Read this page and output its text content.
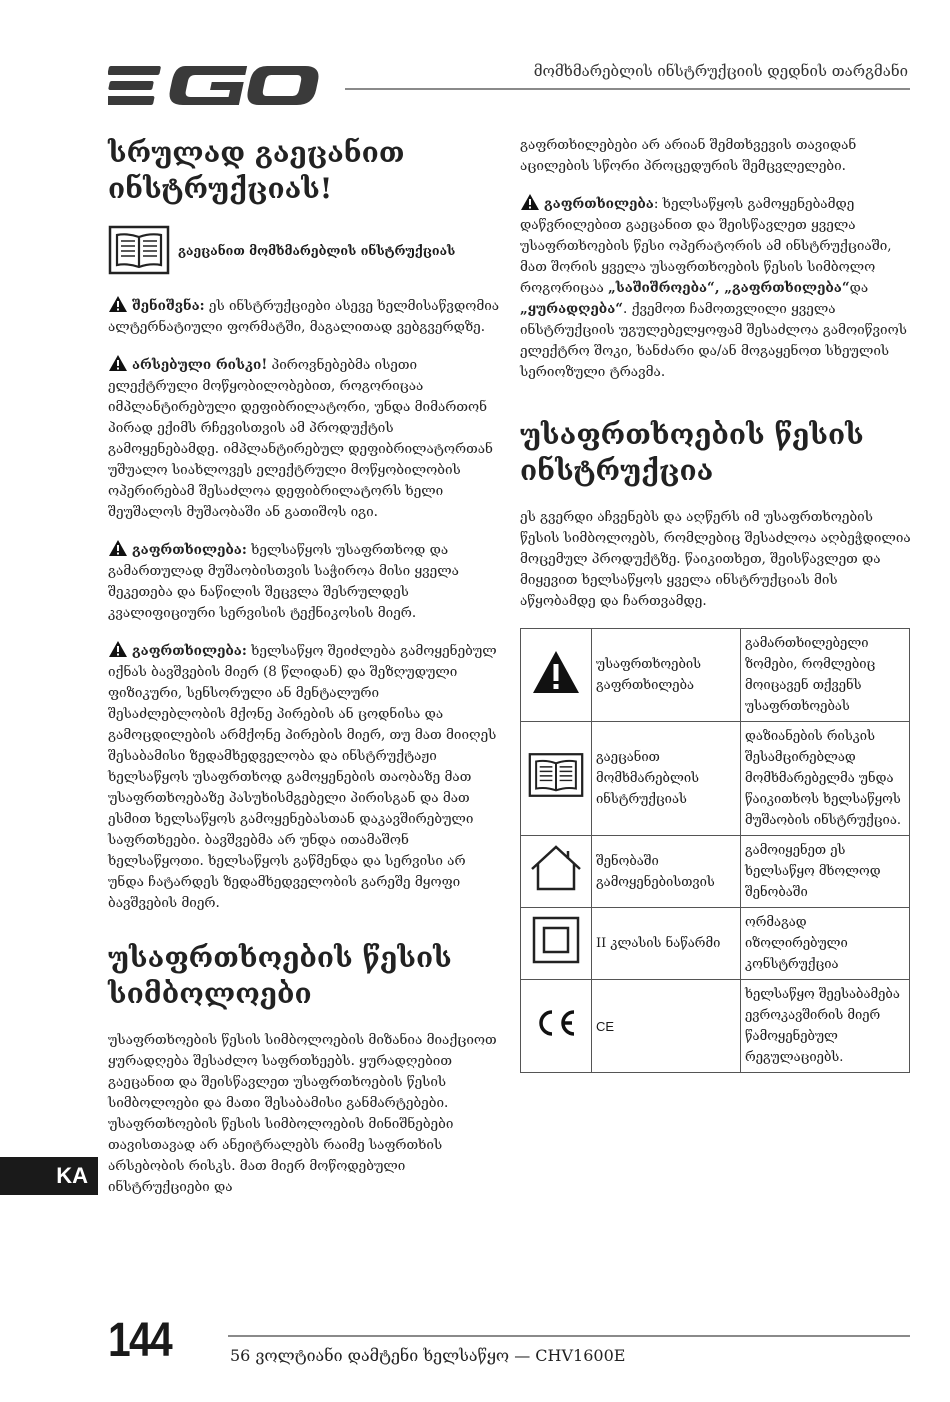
მომხმარებლის ინსტრუქციის დედნის თარგმანი
სრულად გაეცანით ინსტრუქციას!
გაეცანით მომხმარებლის ინსტრუქციას

შენიშვნა: ეს ინსტრუქციები ასევე ხელმისაწვდომია ალტერნატიული ფორმატში, მაგალითად ვებგვერდზე.

არსებული რისკი! პიროვნებებმა ისეთი ელექტრული მოწყობილობებით, როგორიცაა იმპლანტირებული დეფიბრილატორი, უნდა მიმართონ პირად ექიმს რჩევისთვის ამ პროდუქტის გამოყენებამდე. იმპლანტირებულ დეფიბრილატორთან უშუალო სიახლოვეს ელექტრული მოწყობილობის ოპერირებამ შესაძლოა დეფიბრილატორს ხელი შეუშალოს მუშაობაში ან გათიშოს იგი.

გაფრთხილება: ხელსაწყოს უსაფრთხოდ და გამართულად მუშაობისთვის საჭიროა მისი ყველა შეკეთება და ნაწილის შეცვლა შესრულდეს კვალიფიციური სერვისის ტექნიკოსის მიერ.

გაფრთხილება: ხელსაწყო შეიძლება გამოყენებულ იქნას ბავშვების მიერ (8 წლიდან) და შეზღუდული ფიზიკური, სენსორული ან მენტალური შესაძლებლობის მქონე პირების ან ცოდნისა და გამოცდილების არმქონე პირების მიერ, თუ მათ მიიღეს შესაბამისი ზედამხედველობა და ინსტრუქტაჟი ხელსაწყოს უსაფრთხოდ გამოყენების თაობაზე მათ უსაფრთხოებაზე პასუხისმგებელი პირისგან და მათ ესმით ხელსაწყოს გამოყენებასთან დაკავშირებული საფრთხეები. ბავშვებმა არ უნდა ითამაშონ ხელსაწყოთი. ხელსაწყოს გაწმენდა და სერვისი არ უნდა ჩატარდეს ზედამხედველობის გარეშე მყოფი ბავშვების მიერ.

უსაფრთხოების წესის სიმბოლოები

უსაფრთხოების წესის სიმბოლოების მიზანია მიაქციოთ ყურადღება შესაძლო საფრთხეებს. ყურადღებით გაეცანით და შეისწავლეთ უსაფრთხოების წესის სიმბოლოები და მათი შესაბამისი განმარტებები. უსაფრთხოების წესის სიმბოლოების მინიშნებები თავისთავად არ ანეიტრალებს რაიმე საფრთხის არსებობის რისკს. მათ მიერ მოწოდებული ინსტრუქციები და

გაფრთხილებები არ არიან შემთხვევის თავიდან აცილების სწორი პროცედურის შემცვლელები.

გაფრთხილება: ხელსაწყოს გამოყენებამდე დაწვრილებით გაეცანით და შეისწავლეთ ყველა უსაფრთხოების წესი ოპერატორის ამ ინსტრუქციაში, მათ შორის ყველა უსაფრთხოების წესის სიმბოლო როგორიცაა „საშიშროება“, „გაფრთხილება“და „ყურადღება“. ქვემოთ ჩამოთვლილი ყველა ინსტრუქციის უგულებელყოფამ შესაძლოა გამოიწვიოს ელექტრო შოკი, ხანძარი და/ან მოგაყენოთ სხეულის სერიოზული ტრავმა.

უსაფრთხოების წესის ინსტრუქცია

ეს გვერდი აჩვენებს და აღწერს იმ უსაფრთხოების წესის სიმბოლოებს, რომლებიც შესაძლოა აღბეჭდილია მოცემულ პროდუქტზე. წაიკითხეთ, შეისწავლეთ და მიყევით ხელსაწყოს ყველა ინსტრუქციას მის აწყობამდე და ჩართვამდე.

	უსაფრთხოების გაფრთხილება	გამართხილებელი ზომები, რომლებიც მოიცავენ თქვენს უსაფრთხოებას
	გაეცანით მომხმარებლის ინსტრუქციას	დაზიანების რისკის შესამცირებლად მომხმარებელმა უნდა წაიკითხოს ხელსაწყოს მუშაობის ინსტრუქცია.
	შენობაში გამოყენებისთვის	გამოიყენეთ ეს ხელსაწყო მხოლოდ შენობაში
	II კლასის ნაწარმი	ორმაგად იზოლირებული კონსტრუქცია
	CE	ხელსაწყო შეესაბამება ევროკავშირის მიერ წამოყენებულ რეგულაციებს.
KA
144	56 ვოლტიანი დამტენი ხელსაწყო — CHV1600E
